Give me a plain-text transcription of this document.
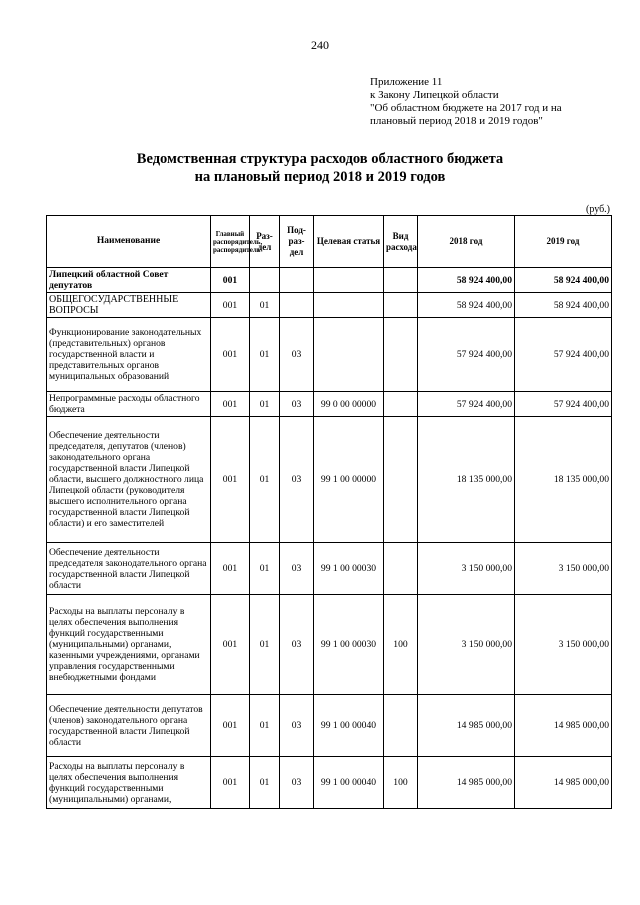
240
Приложение 11
к Закону Липецкой области
"Об областном бюджете на 2017 год и на
плановый период 2018 и 2019 годов"
Ведомственная структура расходов областного бюджета
на плановый период 2018 и 2019 годов
(руб.)
Наименование	Главный распорядитель, распорядитель	Раз-дел	Под-раз-дел	Целевая статья	Вид расхода	2018 год	2019 год
Липецкий областной Совет депутатов	001					58 924 400,00	58 924 400,00
ОБЩЕГОСУДАРСТВЕННЫЕ ВОПРОСЫ	001	01				58 924 400,00	58 924 400,00
Функционирование законодательных (представительных) органов государственной власти и представительных органов муниципальных образований	001	01	03			57 924 400,00	57 924 400,00
Непрограммные расходы областного бюджета	001	01	03	99 0 00 00000		57 924 400,00	57 924 400,00
Обеспечение деятельности председателя, депутатов (членов) законодательного органа государственной власти Липецкой области, высшего должностного лица Липецкой области (руководителя высшего исполнительного органа государственной власти Липецкой области) и его заместителей	001	01	03	99 1 00 00000		18 135 000,00	18 135 000,00
Обеспечение деятельности председателя законодательного органа государственной власти Липецкой области	001	01	03	99 1 00 00030		3 150 000,00	3 150 000,00
Расходы на выплаты персоналу в целях обеспечения выполнения функций государственными (муниципальными) органами, казенными учреждениями, органами управления государственными внебюджетными фондами	001	01	03	99 1 00 00030	100	3 150 000,00	3 150 000,00
Обеспечение деятельности депутатов (членов) законодательного органа государственной власти Липецкой области	001	01	03	99 1 00 00040		14 985 000,00	14 985 000,00
Расходы на выплаты персоналу в целях обеспечения выполнения функций государственными (муниципальными) органами,	001	01	03	99 1 00 00040	100	14 985 000,00	14 985 000,00
